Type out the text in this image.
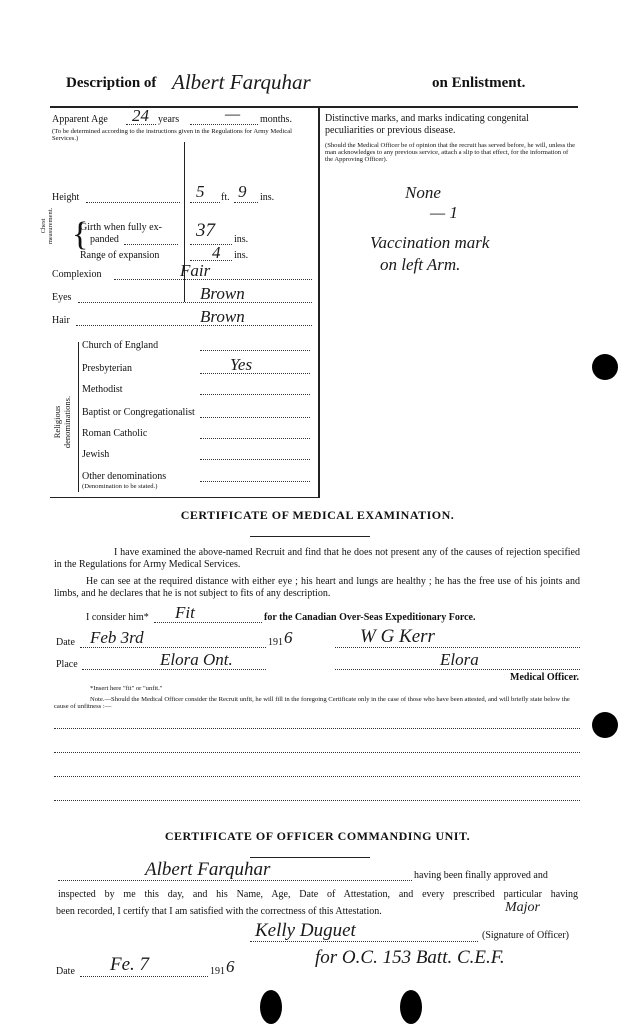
Description of Albert Farquhar	on Enlistment.
Apparent Age 24 years	— months.
(To be determined according to the instructions given in the Regulations for Army Medical Services.)
Height	5 ft. 9 ins.
Chest measurement. {
Girth when fully ex-
panded	37 ins.
Range of expansion	4 ins.
Complexion	Fair
Eyes	Brown
Hair	Brown
Religious denominations.
Church of England
Presbyterian	Yes
Methodist
Baptist or Congregationalist
Roman Catholic
Jewish
Other denominations
(Denomination to be stated.)
Distinctive marks, and marks indicating congenital peculiarities or previous disease.
(Should the Medical Officer be of opinion that the recruit has served before, he will, unless the man acknowledges to any previous service, attach a slip to that effect, for the information of the Approving Officer).
None
— 1
Vaccination mark
on left Arm.
CERTIFICATE OF MEDICAL EXAMINATION.
I have examined the above-named Recruit and find that he does not present any of the causes of rejection specified in the Regulations for Army Medical Services.
He can see at the required distance with either eye ; his heart and lungs are healthy ; he has the free use of his joints and limbs, and he declares that he is not subject to fits of any description.
I consider him* Fit	for the Canadian Over-Seas Expeditionary Force.
Date Feb 3rd	191 6	W G Kerr
Place	Elora Ont.	Elora
Medical Officer.
*Insert here "fit" or "unfit."
Note.—Should the Medical Officer consider the Recruit unfit, he will fill in the foregoing Certificate only in the case of those who have been attested, and will briefly state below the cause of unfitness :—
CERTIFICATE OF OFFICER COMMANDING UNIT.
Albert Farquhar	having been finally approved and
inspected by me this day, and his Name, Age, Date of Attestation, and every prescribed particular having
been recorded, I certify that I am satisfied with the correctness of this Attestation.	Major
Kelly Duguet	(Signature of Officer)
for O.C. 153 Batt. C.E.F.
Date Fe. 7	191 6
